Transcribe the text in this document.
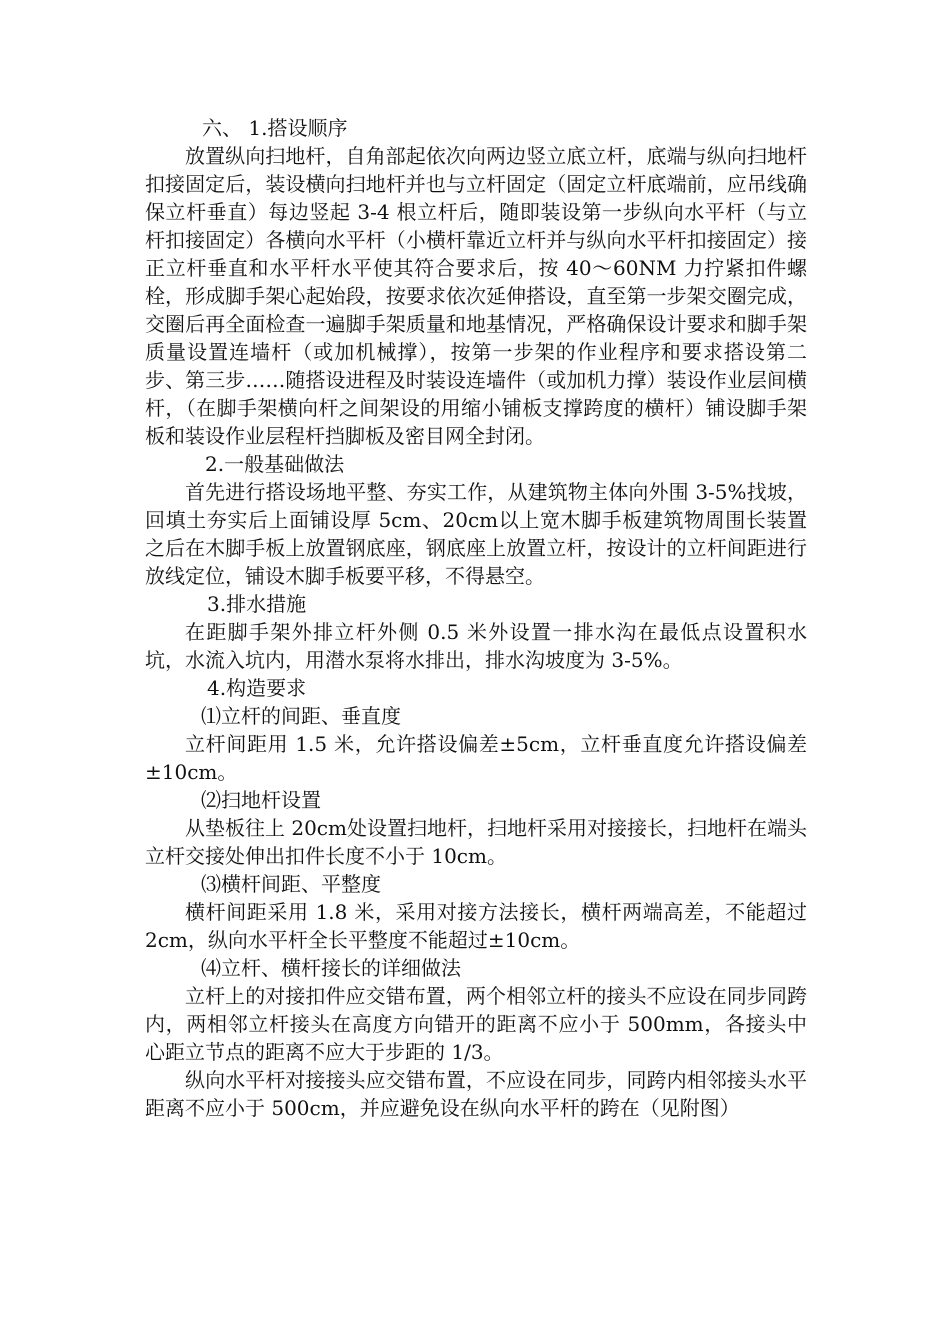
六、 1.搭设顺序

放置纵向扫地杆，自角部起依次向两边竖立底立杆，底端与纵向扫地杆扣接固定后，装设横向扫地杆并也与立杆固定（固定立杆底端前，应吊线确保立杆垂直）每边竖起 3-4 根立杆后，随即装设第一步纵向水平杆（与立杆扣接固定）各横向水平杆（小横杆靠近立杆并与纵向水平杆扣接固定）接正立杆垂直和水平杆水平使其符合要求后，按 40～60NM 力拧紧扣件螺栓，形成脚手架心起始段，按要求依次延伸搭设，直至第一步架交圈完成，交圈后再全面检查一遍脚手架质量和地基情况，严格确保设计要求和脚手架质量设置连墙杆（或加机械撑），按第一步架的作业程序和要求搭设第二步、第三步……随搭设进程及时装设连墙件（或加机力撑）装设作业层间横杆，（在脚手架横向杆之间架设的用缩小铺板支撑跨度的横杆）铺设脚手架板和装设作业层程杆挡脚板及密目网全封闭。

2.一般基础做法

首先进行搭设场地平整、夯实工作，从建筑物主体向外围 3-5%找坡，回填土夯实后上面铺设厚 5cm、20cm以上宽木脚手板建筑物周围长装置之后在木脚手板上放置钢底座，钢底座上放置立杆，按设计的立杆间距进行放线定位，铺设木脚手板要平移，不得悬空。

3.排水措施

在距脚手架外排立杆外侧 0.5 米外设置一排水沟在最低点设置积水坑，水流入坑内，用潜水泵将水排出，排水沟坡度为 3-5%。

4.构造要求

⑴立杆的间距、垂直度

立杆间距用 1.5 米，允许搭设偏差±5cm，立杆垂直度允许搭设偏差±10cm。

⑵扫地杆设置

从垫板往上 20cm处设置扫地杆，扫地杆采用对接接长，扫地杆在端头立杆交接处伸出扣件长度不小于 10cm。

⑶横杆间距、平整度

横杆间距采用 1.8 米，采用对接方法接长，横杆两端高差，不能超过 2cm，纵向水平杆全长平整度不能超过±10cm。

⑷立杆、横杆接长的详细做法

立杆上的对接扣件应交错布置，两个相邻立杆的接头不应设在同步同跨内，两相邻立杆接头在高度方向错开的距离不应小于 500mm，各接头中心距立节点的距离不应大于步距的 1/3。

纵向水平杆对接接头应交错布置，不应设在同步，同跨内相邻接头水平距离不应小于 500cm，并应避免设在纵向水平杆的跨在（见附图）
